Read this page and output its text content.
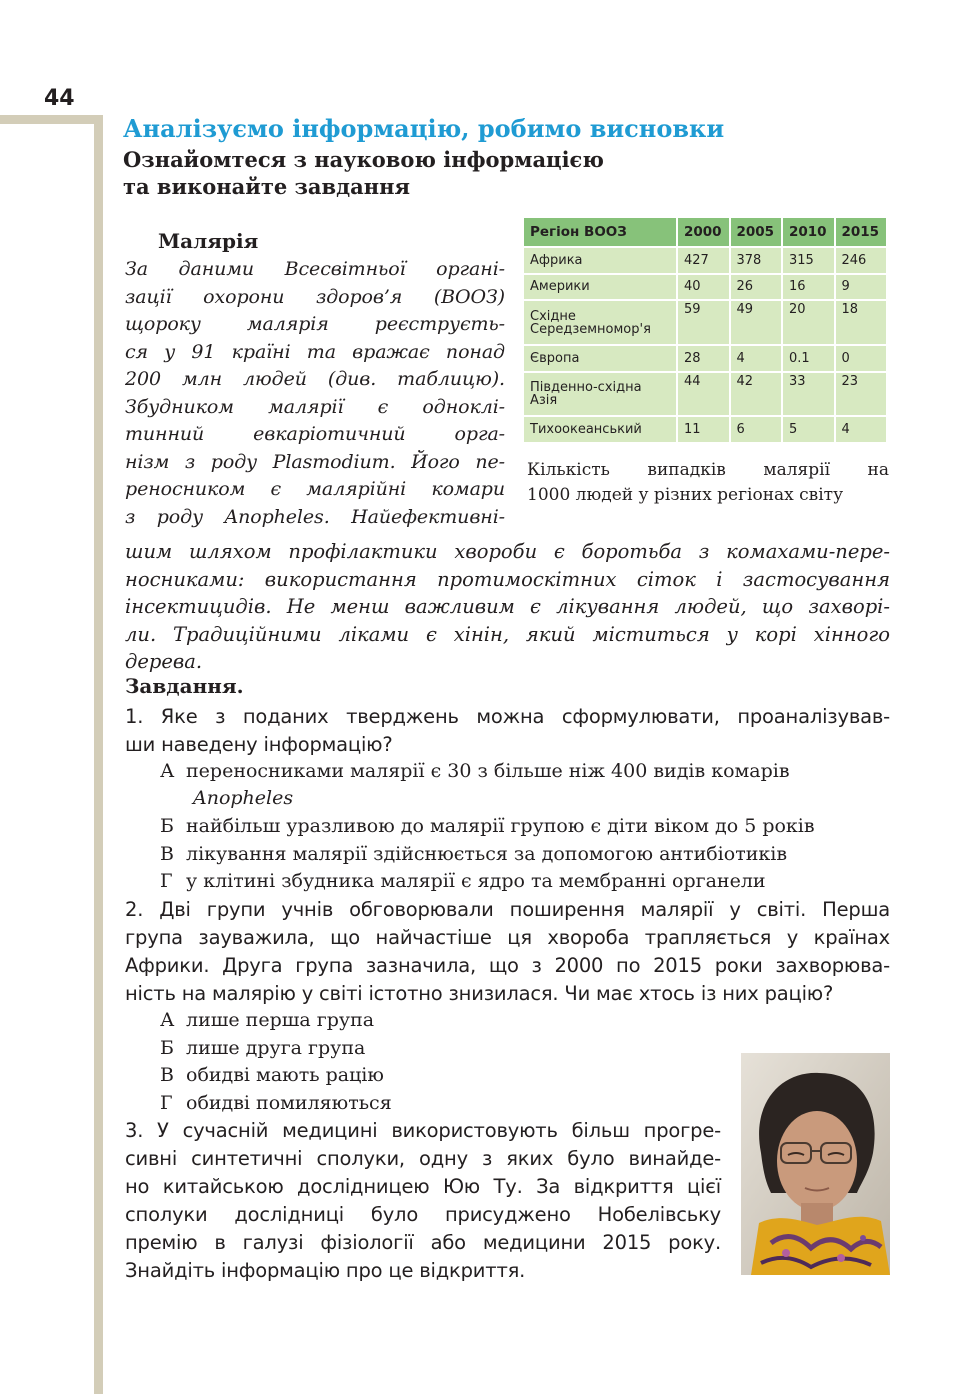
44
Аналізуємо інформацію, робимо висновки
Ознайомтеся з науковою інформацією
та виконайте завдання
Малярія
За даними Всесвітньої органі-
зації охорони здоров’я (ВООЗ)
щороку малярія реєструєть-
ся у 91 країні та вражає понад
200 млн людей (див. таблицю).
Збудником малярії є одноклі-
тинний евкаріотичний орга-
нізм з роду Plasmodium. Його пе-
реносником є малярійні комари
з роду Anopheles. Найефективні-
шим шляхом профілактики хвороби є боротьба з комахами-пере-
носниками: використання протимоскітних сіток і застосування
інсектицидів. Не менш важливим є лікування людей, що захворі-
ли. Традиційними ліками є хінін, який міститься у корі хінного
дерева.
Регіон ВООЗ	2000	2005	2010	2015
Африка	427	378	315	246
Америки	40	26	16	9
Східне Середземномор'я	59	49	20	18
Європа	28	4	0.1	0
Південно-східна Азія	44	42	33	23
Тихоокеанський	11	6	5	4
Кількість випадків малярії на
1000 людей у різних регіонах світу
Завдання.
1. Яке з поданих тверджень можна сформулювати, проаналізував-
ши наведену інформацію?
А переносниками малярії є 30 з більше ніж 400 видів комарів
Anopheles
Б найбільш уразливою до малярії групою є діти віком до 5 років
В лікування малярії здійснюється за допомогою антибіотиків
Г у клітині збудника малярії є ядро та мембранні органели
2. Дві групи учнів обговорювали поширення малярії у світі. Перша
група зауважила, що найчастіше ця хвороба трапляється у країнах
Африки. Друга група зазначила, що з 2000 по 2015 роки захворюва-
ність на малярію у світі істотно знизилася. Чи має хтось із них рацію?
А лише перша група
Б лише друга група
В обидві мають рацію
Г обидві помиляються
3. У сучасній медицині використовують більш прогре-
сивні синтетичні сполуки, одну з яких було винайде-
но китайською дослідницею Юю Ту. За відкриття цієї
сполуки дослідниці було присуджено Нобелівську
премію в галузі фізіології або медицини 2015 року.
Знайдіть інформацію про це відкриття.
